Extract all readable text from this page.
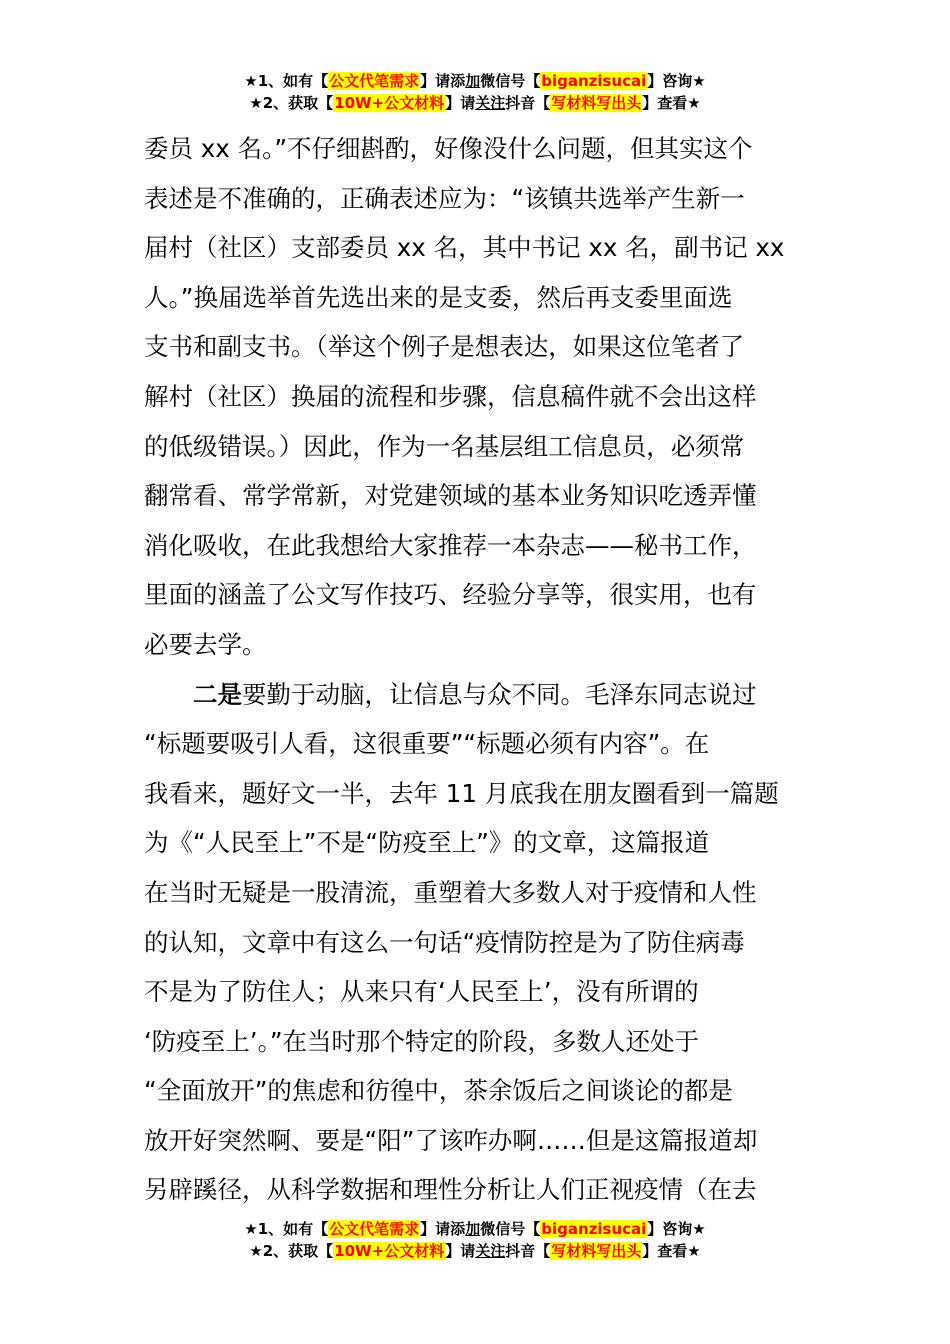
★1、如有【公文代笔需求】请添加微信号【biganzisucai】咨询★
★2、获取【10W+公文材料】请关注抖音【写材料写出头】查看★
委员 xx 名。”不仔细斟酌，好像没什么问题，但其实这个
表述是不准确的，正确表述应为：“该镇共选举产生新一
届村（社区）支部委员 xx 名，其中书记 xx 名，副书记 xx
人。”换届选举首先选出来的是支委，然后再支委里面选
支书和副支书。（举这个例子是想表达，如果这位笔者了
解村（社区）换届的流程和步骤，信息稿件就不会出这样
的低级错误。）因此，作为一名基层组工信息员，必须常
翻常看、常学常新，对党建领域的基本业务知识吃透弄懂
消化吸收，在此我想给大家推荐一本杂志——秘书工作，
里面的涵盖了公文写作技巧、经验分享等，很实用，也有
必要去学。
二是要勤于动脑，让信息与众不同。毛泽东同志说过
“标题要吸引人看，这很重要”“标题必须有内容”。在
我看来，题好文一半，去年 11 月底我在朋友圈看到一篇题
为《“人民至上”不是“防疫至上”》的文章，这篇报道
在当时无疑是一股清流，重塑着大多数人对于疫情和人性
的认知，文章中有这么一句话“疫情防控是为了防住病毒
不是为了防住人；从来只有‘人民至上’，没有所谓的
‘防疫至上’。”在当时那个特定的阶段，多数人还处于
“全面放开”的焦虑和彷徨中，茶余饭后之间谈论的都是
放开好突然啊、要是“阳”了该咋办啊……但是这篇报道却
另辟蹊径，从科学数据和理性分析让人们正视疫情（在去
★1、如有【公文代笔需求】请添加微信号【biganzisucai】咨询★
★2、获取【10W+公文材料】请关注抖音【写材料写出头】查看★
